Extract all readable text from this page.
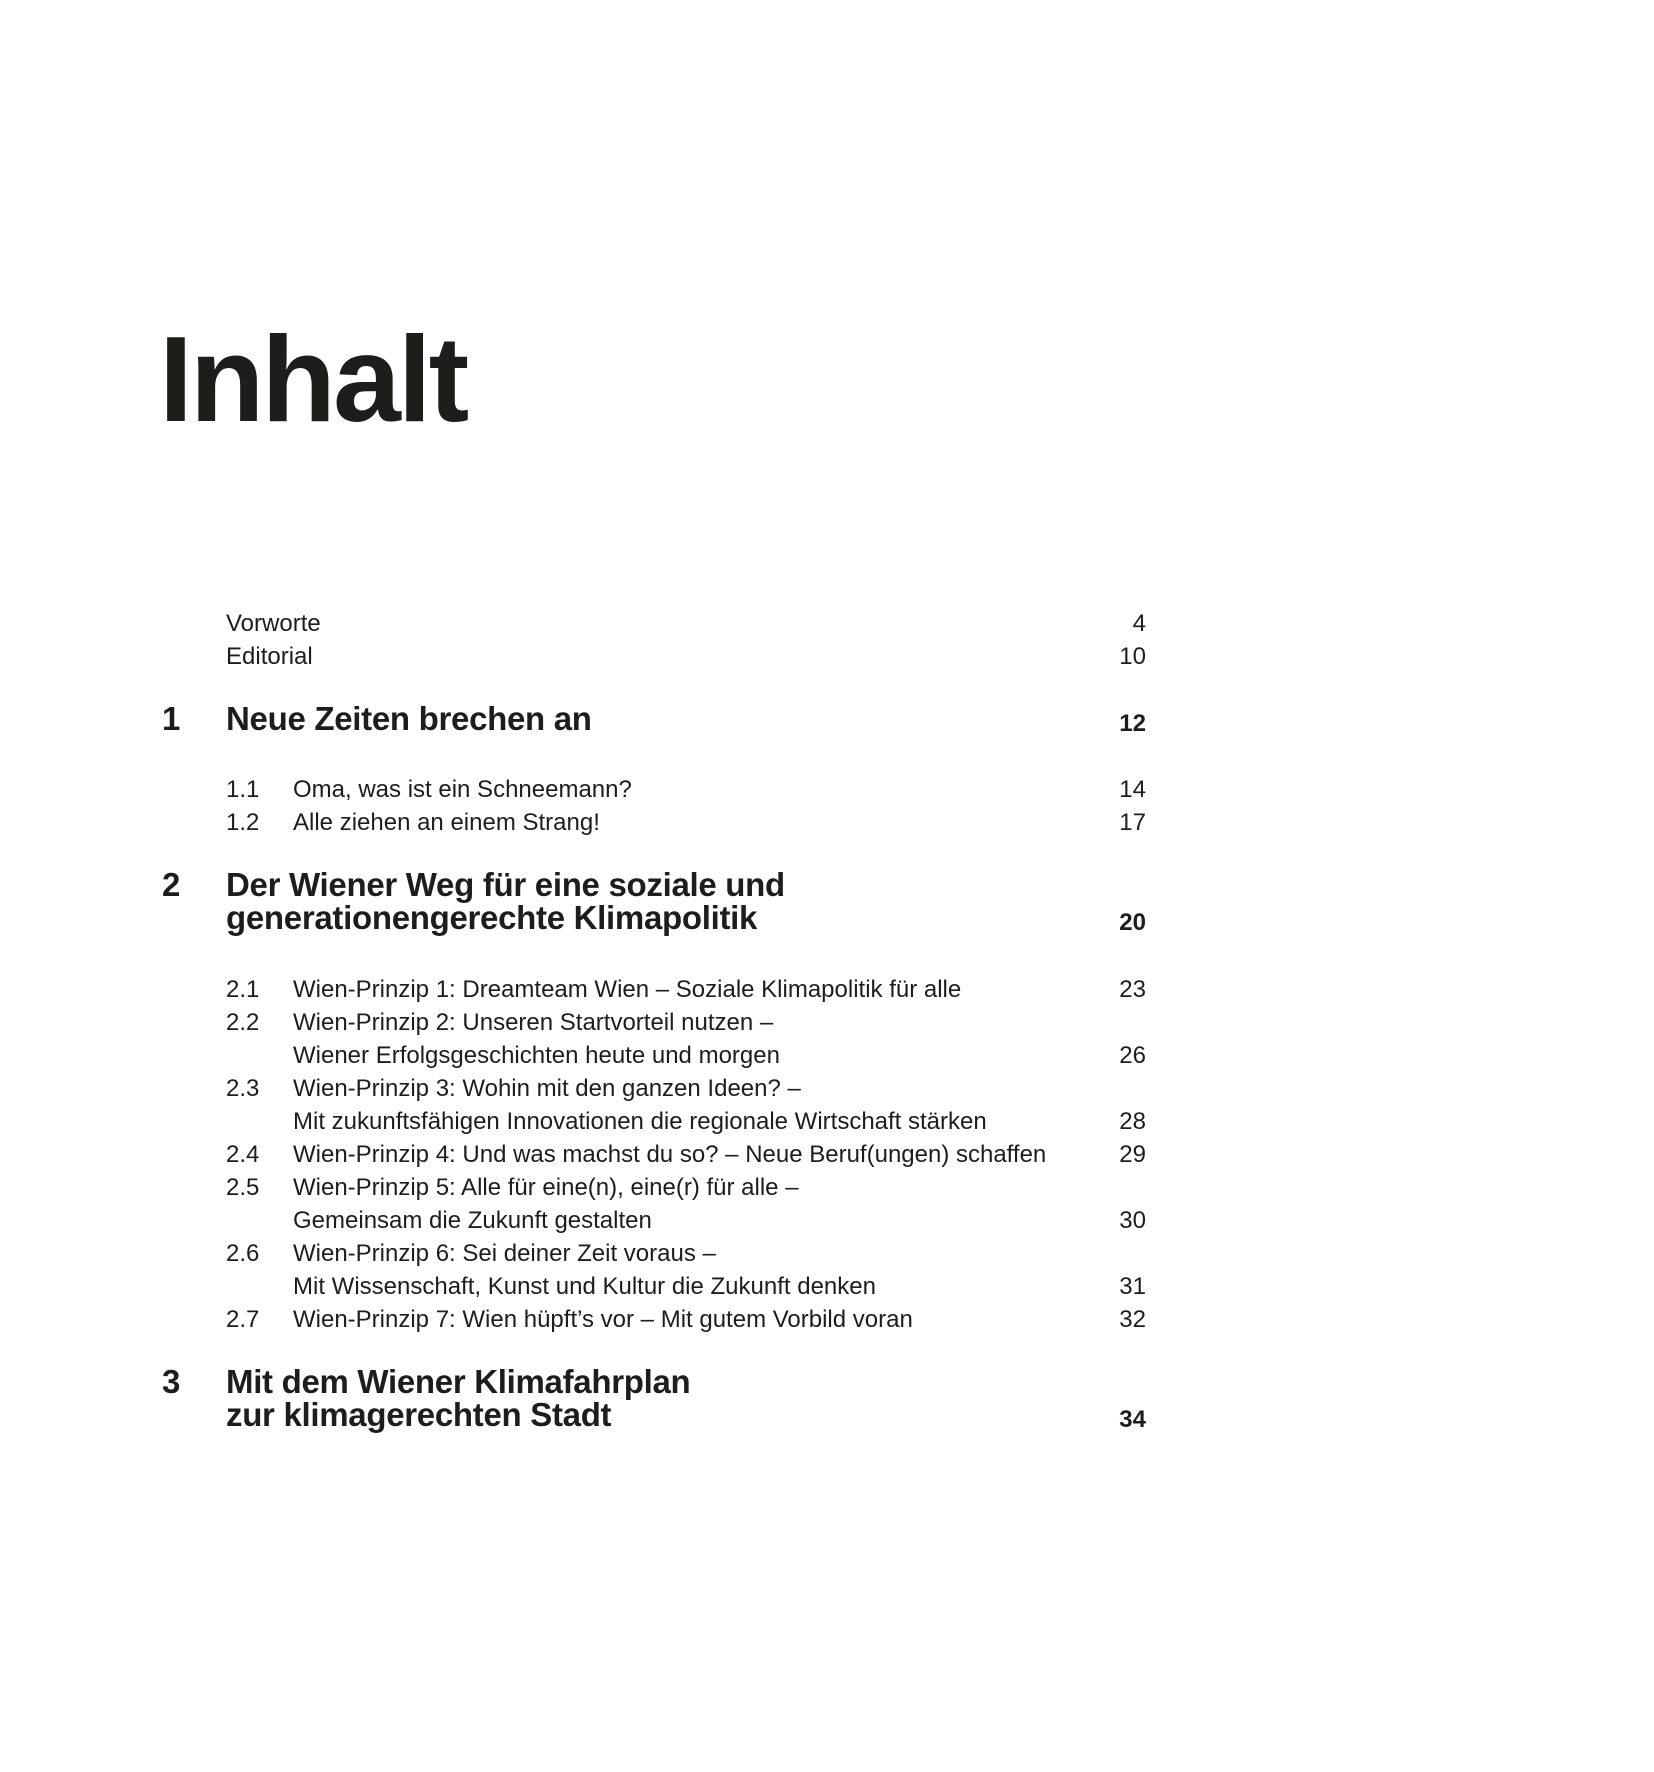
Inhalt
Vorworte	4
Editorial	10
1 Neue Zeiten brechen an	12
1.1 Oma, was ist ein Schneemann?	14
1.2 Alle ziehen an einem Strang!	17
2 Der Wiener Weg für eine soziale und
generationengerechte Klimapolitik	20
2.1 Wien-Prinzip 1: Dreamteam Wien – Soziale Klimapolitik für alle	23
2.2 Wien-Prinzip 2: Unseren Startvorteil nutzen –
Wiener Erfolgsgeschichten heute und morgen	26
2.3 Wien-Prinzip 3: Wohin mit den ganzen Ideen? –
Mit zukunftsfähigen Innovationen die regionale Wirtschaft stärken	28
2.4 Wien-Prinzip 4: Und was machst du so? – Neue Beruf(ungen) schaffen	29
2.5 Wien-Prinzip 5: Alle für eine(n), eine(r) für alle –
Gemeinsam die Zukunft gestalten	30
2.6 Wien-Prinzip 6: Sei deiner Zeit voraus –
Mit Wissenschaft, Kunst und Kultur die Zukunft denken	31
2.7 Wien-Prinzip 7: Wien hüpft’s vor – Mit gutem Vorbild voran	32
3 Mit dem Wiener Klimafahrplan
zur klimagerechten Stadt	34
